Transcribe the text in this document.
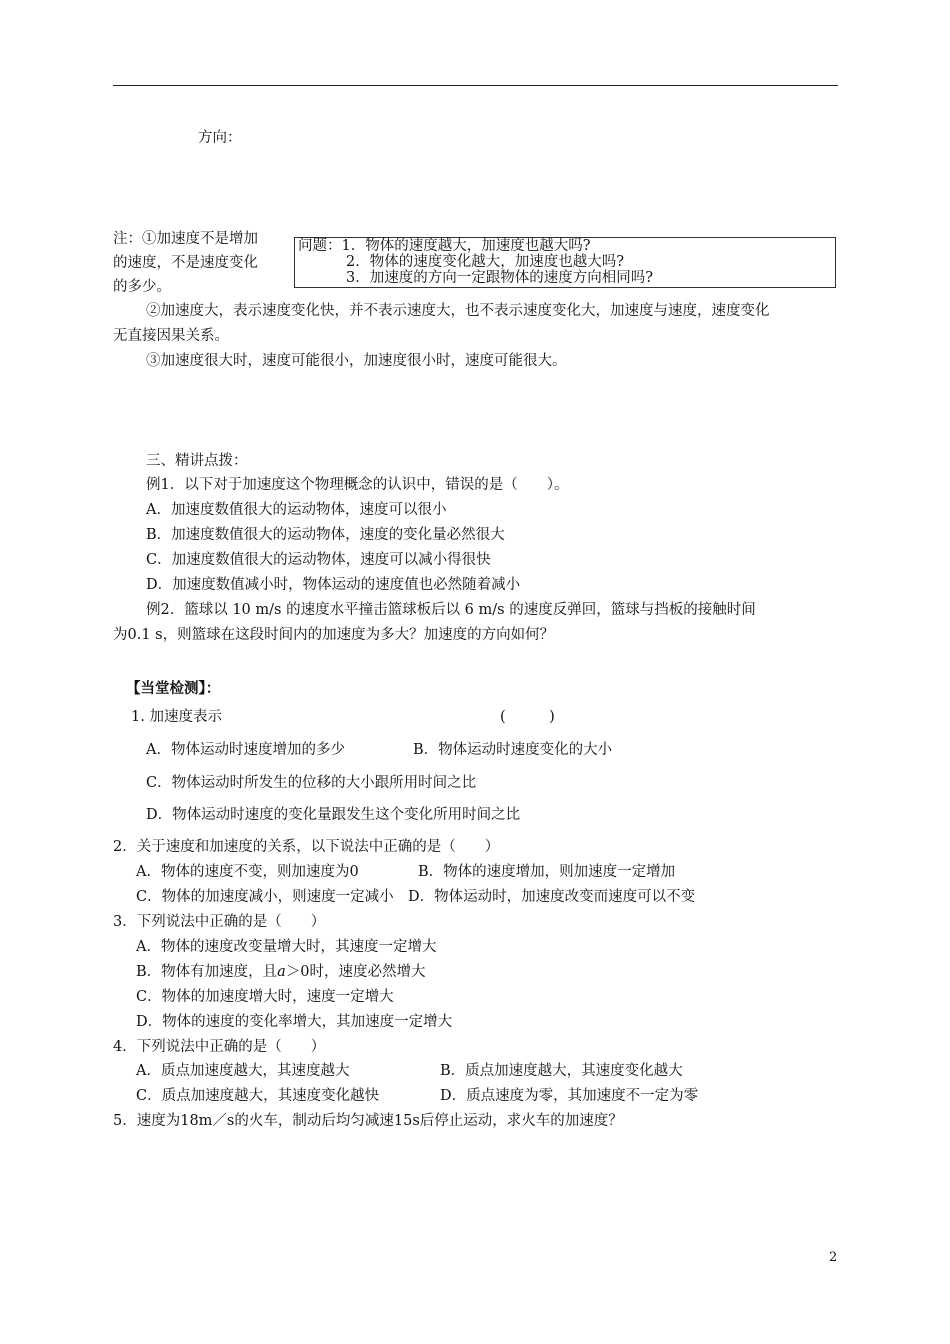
方向：
注：①加速度不是增加
的速度，不是速度变化
的多少。
问题：1．物体的速度越大，加速度也越大吗?
2．物体的速度变化越大，加速度也越大吗?
3．加速度的方向一定跟物体的速度方向相同吗?
②加速度大，表示速度变化快，并不表示速度大，也不表示速度变化大，加速度与速度，速度变化
无直接因果关系。
③加速度很大时，速度可能很小，加速度很小时，速度可能很大。
三、精讲点拨：
例1．以下对于加速度这个物理概念的认识中，错误的是（　　）。
A．加速度数值很大的运动物体，速度可以很小
B．加速度数值很大的运动物体，速度的变化量必然很大
C．加速度数值很大的运动物体，速度可以减小得很快
D．加速度数值减小时，物体运动的速度值也必然随着减小
例2．篮球以 10 m/s 的速度水平撞击篮球板后以 6 m/s 的速度反弹回，篮球与挡板的接触时间
为0.1 s，则篮球在这段时间内的加速度为多大？加速度的方向如何？
【当堂检测】：
1. 加速度表示	(　　　)
A．物体运动时速度增加的多少	B．物体运动时速度变化的大小
C．物体运动时所发生的位移的大小跟所用时间之比
D．物体运动时速度的变化量跟发生这个变化所用时间之比
2．关于速度和加速度的关系，以下说法中正确的是（　　）
A．物体的速度不变，则加速度为0	B．物体的速度增加，则加速度一定增加
C．物体的加速度减小，则速度一定减小 D．物体运动时，加速度改变而速度可以不变
3．下列说法中正确的是（　　）
A．物体的速度改变量增大时，其速度一定增大
B．物体有加速度，且a＞0时，速度必然增大
C．物体的加速度增大时，速度一定增大
D．物体的速度的变化率增大，其加速度一定增大
4．下列说法中正确的是（　　）
A．质点加速度越大，其速度越大	B．质点加速度越大，其速度变化越大
C．质点加速度越大，其速度变化越快	D．质点速度为零，其加速度不一定为零
5．速度为18m／s的火车，制动后均匀减速15s后停止运动，求火车的加速度？
2
